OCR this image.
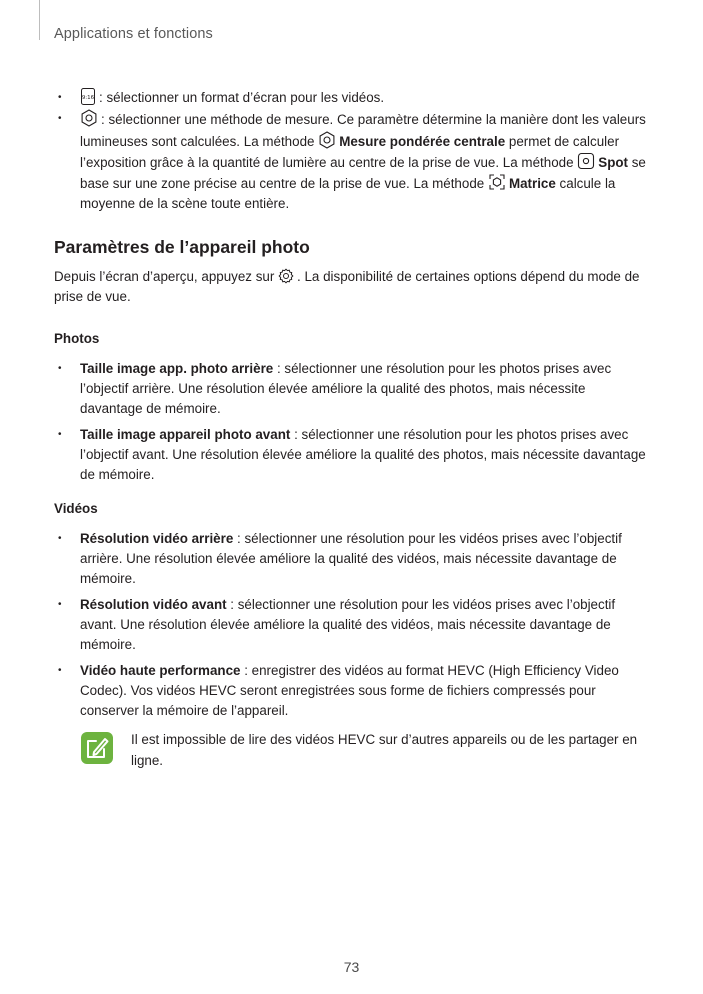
Applications et fonctions
• 9:16 : sélectionner un format d’écran pour les vidéos.
• : sélectionner une méthode de mesure. Ce paramètre détermine la manière dont les valeurs lumineuses sont calculées. La méthode
Mesure pondérée centrale permet de calculer l’exposition grâce à la quantité de lumière au centre de la prise de vue. La méthode
Spot se base sur une zone précise au centre de la prise de vue. La méthode
Matrice calcule la moyenne de la scène toute entière.
Paramètres de l’appareil photo

Depuis l’écran d’aperçu, appuyez sur
. La disponibilité de certaines options dépend du mode de prise de vue.

Photos
• Taille image app. photo arrière : sélectionner une résolution pour les photos prises avec l’objectif arrière. Une résolution élevée améliore la qualité des photos, mais nécessite davantage de mémoire.
• Taille image appareil photo avant : sélectionner une résolution pour les photos prises avec l’objectif avant. Une résolution élevée améliore la qualité des photos, mais nécessite davantage de mémoire.
Vidéos
• Résolution vidéo arrière : sélectionner une résolution pour les vidéos prises avec l’objectif arrière. Une résolution élevée améliore la qualité des vidéos, mais nécessite davantage de mémoire.
• Résolution vidéo avant : sélectionner une résolution pour les vidéos prises avec l’objectif avant. Une résolution élevée améliore la qualité des vidéos, mais nécessite davantage de mémoire.
• Vidéo haute performance : enregistrer des vidéos au format HEVC (High Efficiency Video Codec). Vos vidéos HEVC seront enregistrées sous forme de fichiers compressés pour conserver la mémoire de l’appareil.

Il est impossible de lire des vidéos HEVC sur d’autres appareils ou de les partager en ligne.

73
